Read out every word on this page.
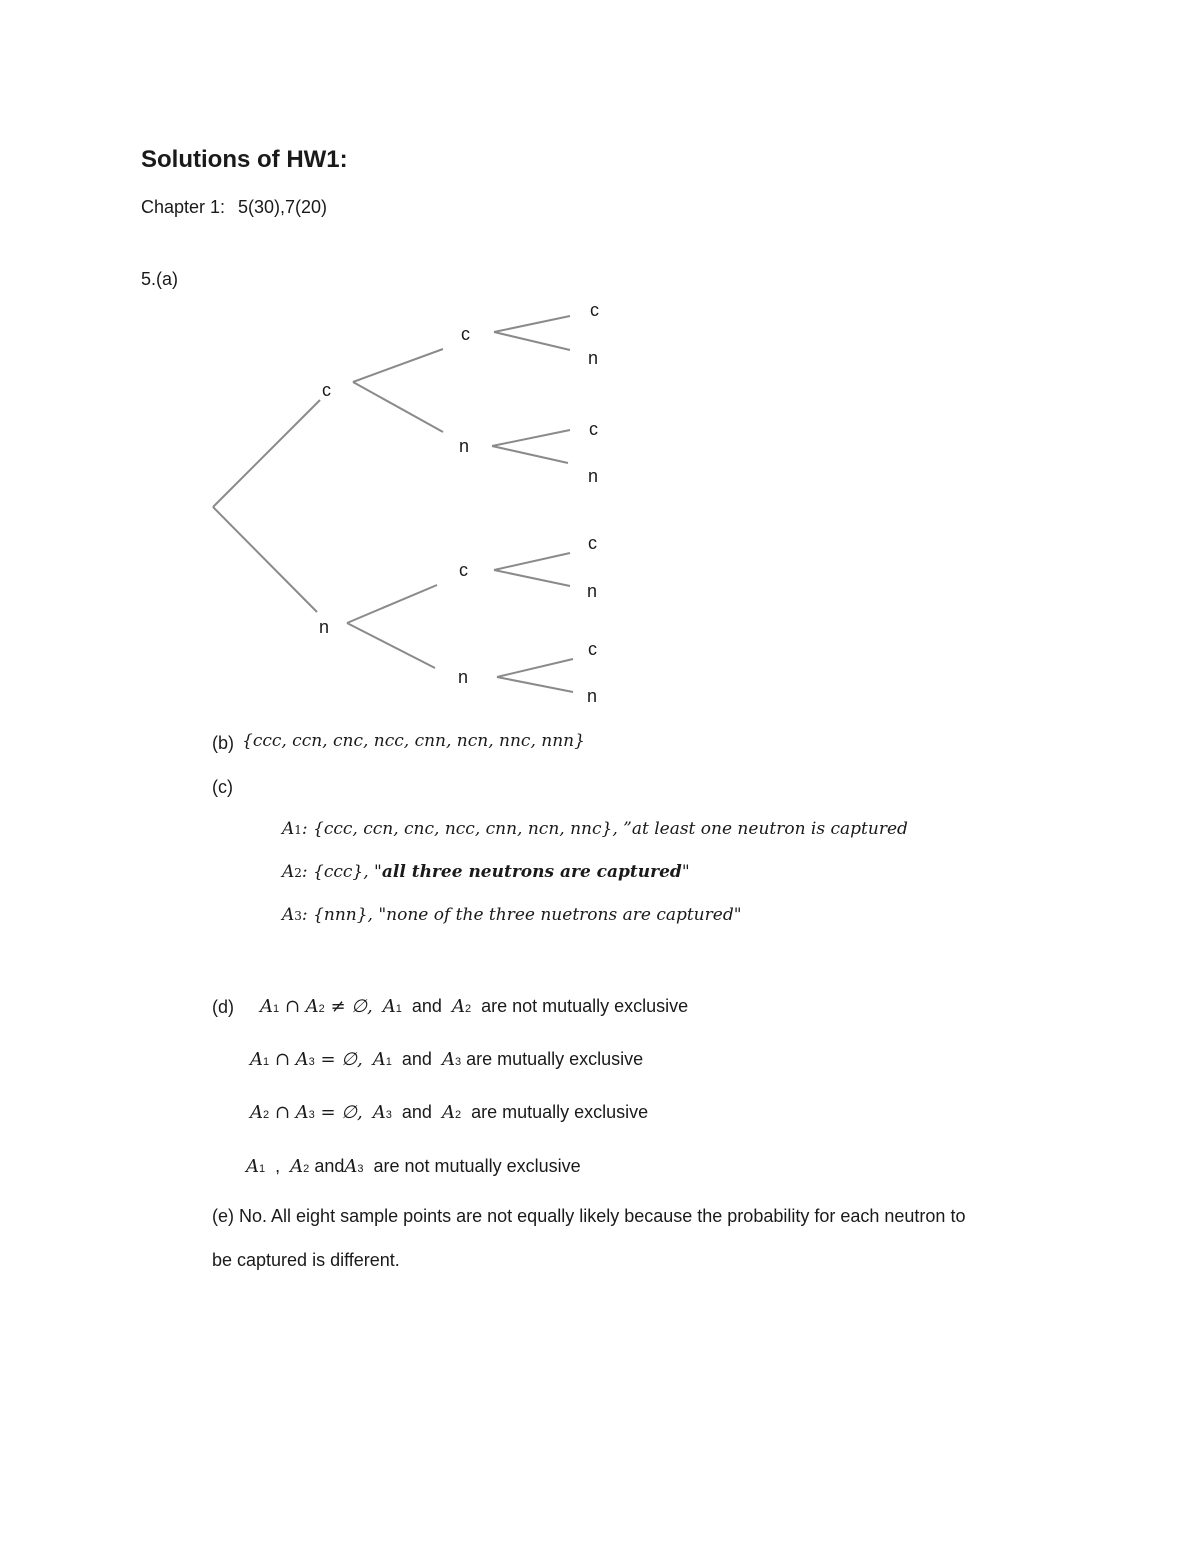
Solutions of HW1:
Chapter 1: 5(30),7(20)
5.(a)
c
n
c
n
c
n
c
n
c
n
c
n
c
n
(b) {ccc, ccn, cnc, ncc, cnn, ncn, nnc, nnn}
(c)
A1: {ccc, ccn, cnc, ncc, cnn, ncn, nnc}, ”at least one neutron is captured
A2: {ccc}, "all three neutrons are captured"
A3: {nnn}, "none of the three nuetrons are captured"
(d) A1 ∩ A2 ≠ ∅, A1 and A2 are not mutually exclusive
A1 ∩ A3 = ∅, A1 and A3 are mutually exclusive
A2 ∩ A3 = ∅, A3 and A2 are mutually exclusive
A1 , A2 andA3 are not mutually exclusive
(e) No. All eight sample points are not equally likely because the probability for each neutron to
be captured is different.
